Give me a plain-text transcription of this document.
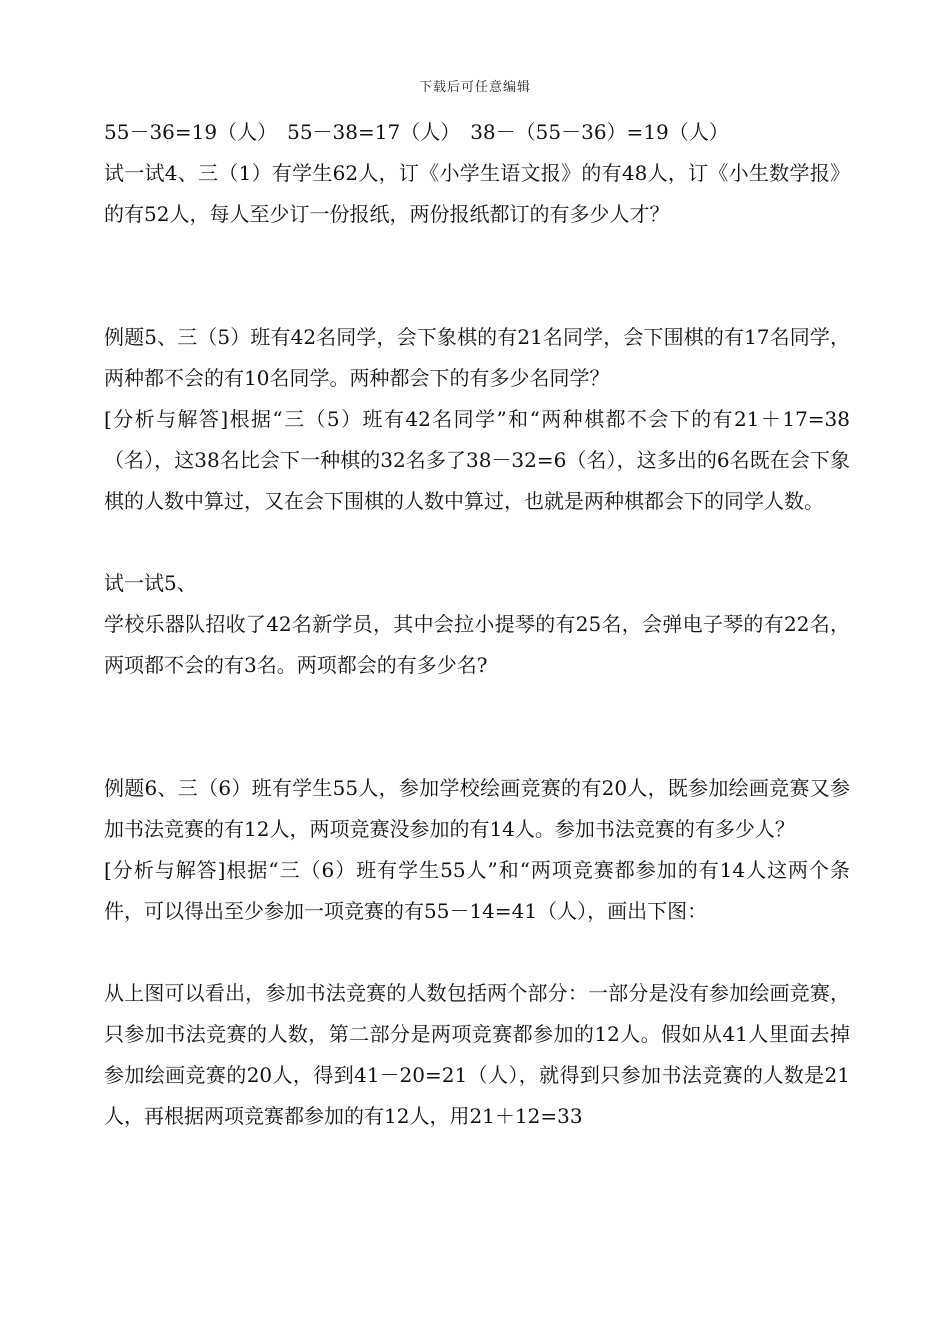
下载后可任意编辑

55－36=19（人）　55－38=17（人）　38－（55－36）=19（人）

试一试4、三（1）有学生62人，订《小学生语文报》的有48人，订《小生数学报》的有52人，每人至少订一份报纸，两份报纸都订的有多少人才？

例题5、三（5）班有42名同学，会下象棋的有21名同学，会下围棋的有17名同学，两种都不会的有10名同学。两种都会下的有多少名同学？

[分析与解答]根据“三（5）班有42名同学”和“两种棋都不会下的有21＋17=38（名），这38名比会下一种棋的32名多了38－32=6（名），这多出的6名既在会下象棋的人数中算过，又在会下围棋的人数中算过，也就是两种棋都会下的同学人数。

试一试5、

学校乐器队招收了42名新学员，其中会拉小提琴的有25名，会弹电子琴的有22名，两项都不会的有3名。两项都会的有多少名?

例题6、三（6）班有学生55人，参加学校绘画竞赛的有20人，既参加绘画竞赛又参加书法竞赛的有12人，两项竞赛没参加的有14人。参加书法竞赛的有多少人？

[分析与解答]根据“三（6）班有学生55人”和“两项竞赛都参加的有14人这两个条件，可以得出至少参加一项竞赛的有55－14=41（人），画出下图：

从上图可以看出，参加书法竞赛的人数包括两个部分：一部分是没有参加绘画竞赛，只参加书法竞赛的人数，第二部分是两项竞赛都参加的12人。假如从41人里面去掉参加绘画竞赛的20人，得到41－20=21（人），就得到只参加书法竞赛的人数是21人，再根据两项竞赛都参加的有12人，用21＋12=33
